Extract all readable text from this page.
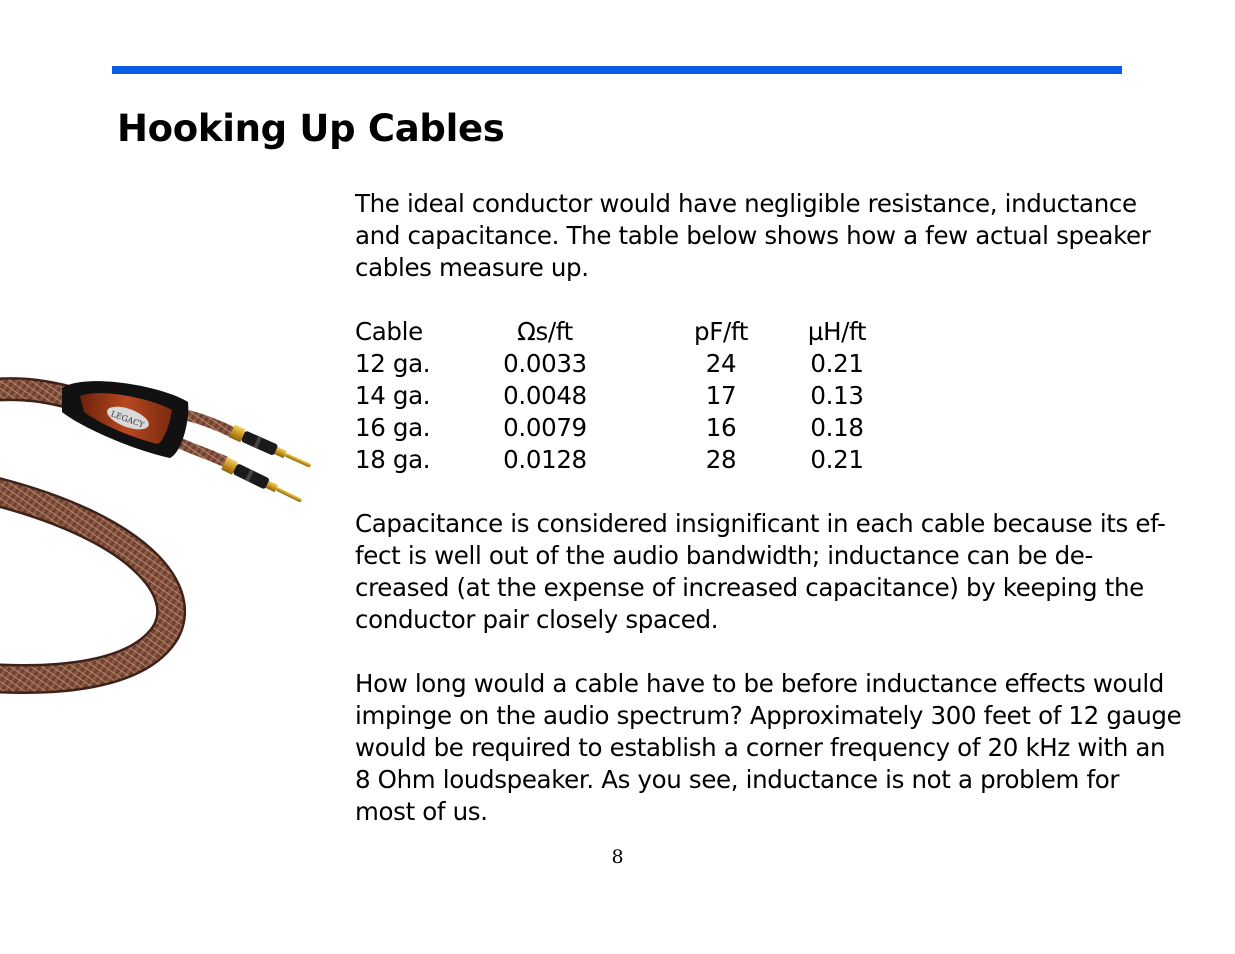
Hooking Up Cables
LEGACY
The ideal conductor would have negligible resistance, inductance
and capacitance. The table below shows how a few actual speaker
cables measure up.
Cable	Ωs/ft	pF/ft	µH/ft
12 ga.	0.0033	24	0.21
14 ga.	0.0048	17	0.13
16 ga.	0.0079	16	0.18
18 ga.	0.0128	28	0.21
Capacitance is considered insignificant in each cable because its ef-
fect is well out of the audio bandwidth; inductance can be de-
creased (at the expense of increased capacitance) by keeping the
conductor pair closely spaced.
How long would a cable have to be before inductance effects would
impinge on the audio spectrum? Approximately 300 feet of 12 gauge
would be required to establish a corner frequency of 20 kHz with an
8 Ohm loudspeaker. As you see, inductance is not a problem for
most of us.
8
